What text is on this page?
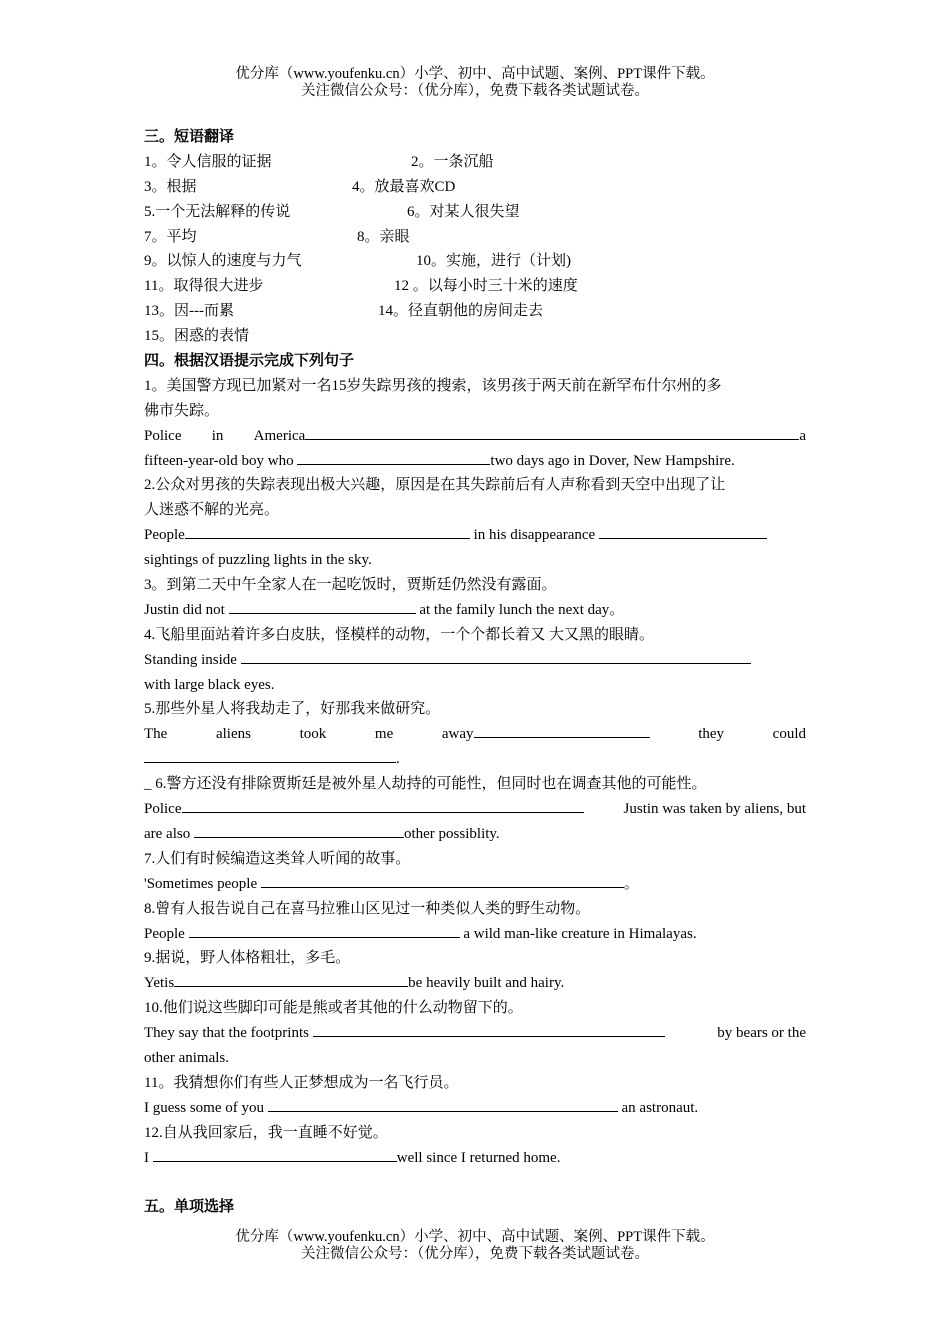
优分库（www.youfenku.cn）小学、初中、高中试题、案例、PPT课件下载。
关注微信公众号：（优分库），免费下载各类试题试卷。
三。短语翻译
1。令人信服的证据	2。一条沉船
3。根据	4。放最喜欢CD
5.一个无法解释的传说	6。对某人很失望
7。平均	8。亲眼
9。以惊人的速度与力气	10。实施，进行（计划)
11。取得很大进步	12 。以每小时三十米的速度
13。因---而累	14。径直朝他的房间走去
15。困惑的表情
四。根据汉语提示完成下列句子
1。美国警方现已加紧对一名15岁失踪男孩的搜索，该男孩于两天前在新罕布什尔州的多
佛市失踪。
Police in America	a
fifteen-year-old boy who	two days ago in Dover, New Hampshire.
2.公众对男孩的失踪表现出极大兴趣，原因是在其失踪前后有人声称看到天空中出现了让
人迷惑不解的光亮。
People	in his disappearance
sightings of puzzling lights in the sky.
3。到第二天中午全家人在一起吃饭时，贾斯廷仍然没有露面。
Justin did not	at the family lunch the next day。
4.飞船里面站着许多白皮肤，怪模样的动物，一个个都长着又 大又黑的眼睛。
Standing inside
with large black eyes.
5.那些外星人将我劫走了，好那我来做研究。
The	aliens	took	me	away	they	could
.
_ 6.警方还没有排除贾斯廷是被外星人劫持的可能性，但同时也在调查其他的可能性。
Police	Justin was taken by aliens, but
are also	other possiblity.
7.人们有时候编造这类耸人听闻的故事。
'Sometimes people	。
8.曾有人报告说自己在喜马拉雅山区见过一种类似人类的野生动物。
People	a wild man-like creature in Himalayas.
9.据说，野人体格粗壮，多毛。
Yetis	be heavily built and hairy.
10.他们说这些脚印可能是熊或者其他的什么动物留下的。
They say that the footprints	by bears or the
other animals.
11。我猜想你们有些人正梦想成为一名飞行员。
I guess some of you	an astronaut.
12.自从我回家后，我一直睡不好觉。
I	well since I returned home.
五。单项选择
优分库（www.youfenku.cn）小学、初中、高中试题、案例、PPT课件下载。
关注微信公众号：（优分库），免费下载各类试题试卷。
